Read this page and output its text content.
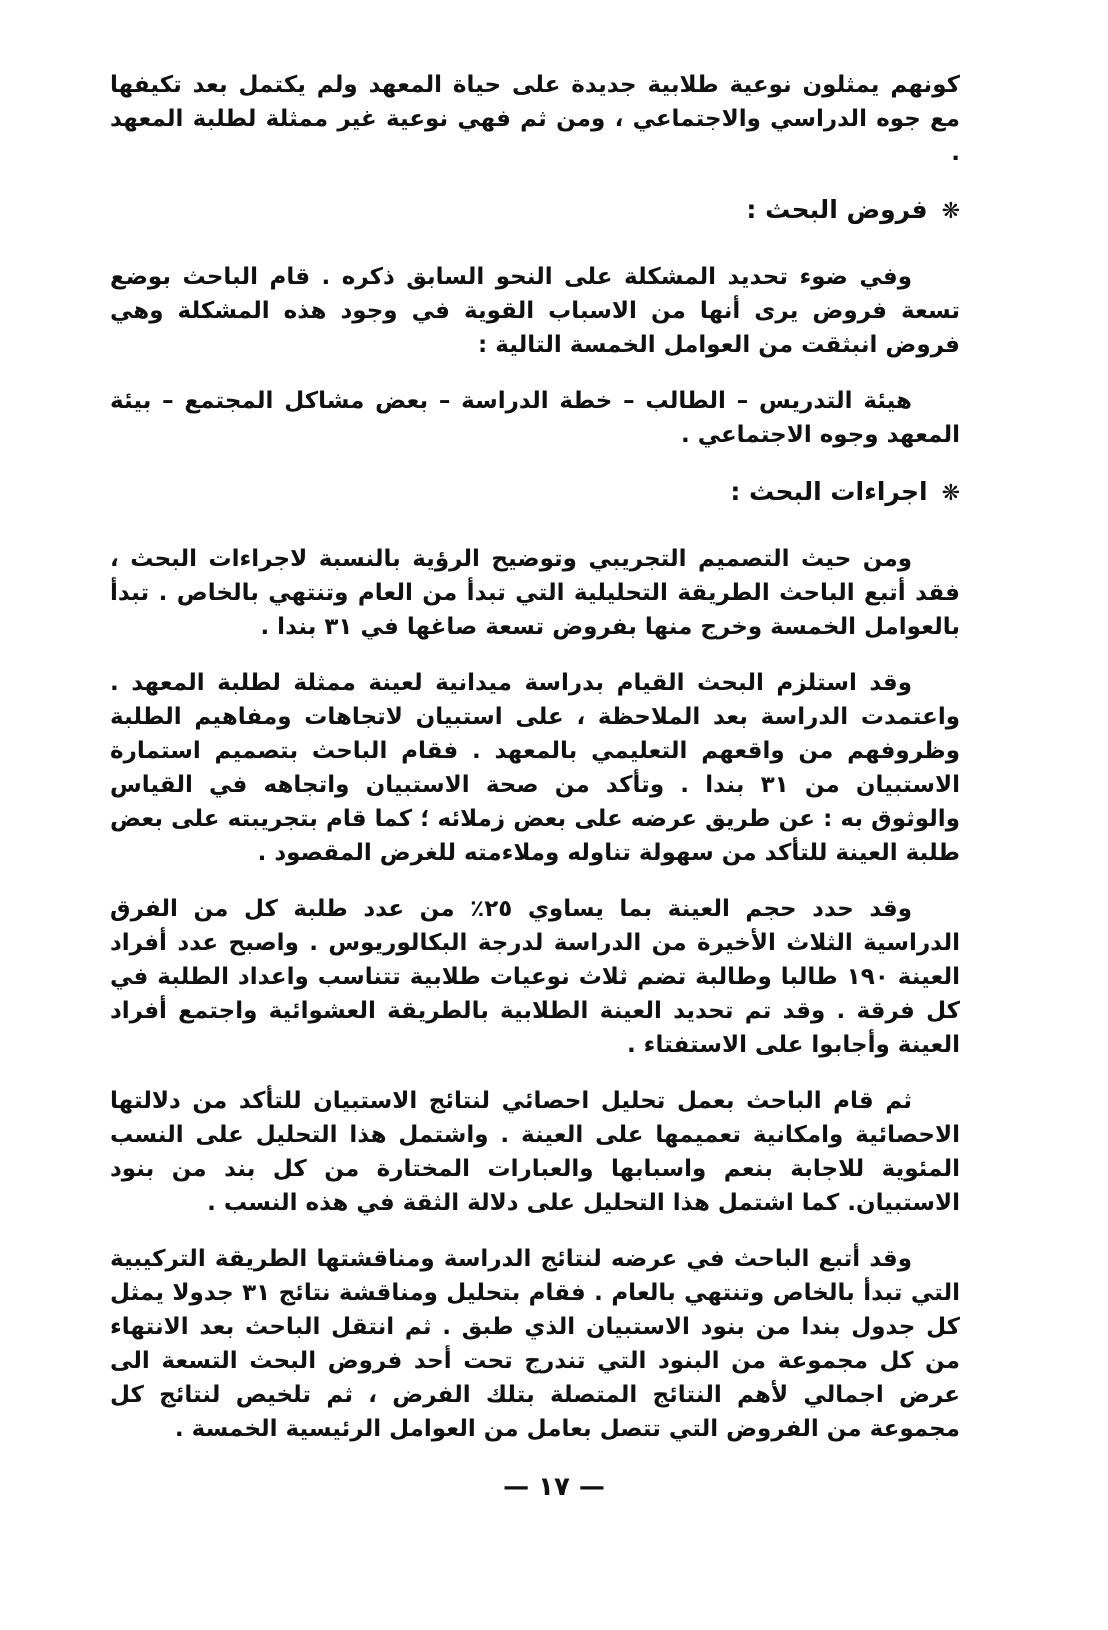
كونهم يمثلون نوعية طلابية جديدة على حياة المعهد ولم يكتمل بعد تكيفها مع جوه الدراسي والاجتماعي ، ومن ثم فهي نوعية غير ممثلة لطلبة المعهد .

❋فروض البحث :

وفي ضوء تحديد المشكلة على النحو السابق ذكره . قام الباحث بوضع تسعة فروض يرى أنها من الاسباب القوية في وجود هذه المشكلة وهي فروض انبثقت من العوامل الخمسة التالية :

هيئة التدريس – الطالب – خطة الدراسة – بعض مشاكل المجتمع – بيئة المعهد وجوه الاجتماعي .

❋اجراءات البحث :

ومن حيث التصميم التجريبي وتوضيح الرؤية بالنسبة لاجراءات البحث ، فقد أتبع الباحث الطريقة التحليلية التي تبدأ من العام وتنتهي بالخاص . تبدأ بالعوامل الخمسة وخرج منها بفروض تسعة صاغها في ٣١ بندا .

وقد استلزم البحث القيام بدراسة ميدانية لعينة ممثلة لطلبة المعهد . واعتمدت الدراسة بعد الملاحظة ، على استبيان لاتجاهات ومفاهيم الطلبة وظروفهم من واقعهم التعليمي بالمعهد . فقام الباحث بتصميم استمارة الاستبيان من ٣١ بندا . وتأكد من صحة الاستبيان واتجاهه في القياس والوثوق به : عن طريق عرضه على بعض زملائه ؛ كما قام بتجريبته على بعض طلبة العينة للتأكد من سهولة تناوله وملاءمته للغرض المقصود .

وقد حدد حجم العينة بما يساوي ٢٥٪ من عدد طلبة كل من الفرق الدراسية الثلاث الأخيرة من الدراسة لدرجة البكالوريوس . واصبح عدد أفراد العينة ١٩٠ طالبا وطالبة تضم ثلاث نوعيات طلابية تتناسب واعداد الطلبة في كل فرقة . وقد تم تحديد العينة الطلابية بالطريقة العشوائية واجتمع أفراد العينة وأجابوا على الاستفتاء .

ثم قام الباحث بعمل تحليل احصائي لنتائج الاستبيان للتأكد من دلالتها الاحصائية وامكانية تعميمها على العينة . واشتمل هذا التحليل على النسب المئوية للاجابة بنعم واسبابها والعبارات المختارة من كل بند من بنود الاستبيان. كما اشتمل هذا التحليل على دلالة الثقة في هذه النسب .

وقد أتبع الباحث في عرضه لنتائج الدراسة ومناقشتها الطريقة التركيبية التي تبدأ بالخاص وتنتهي بالعام . فقام بتحليل ومناقشة نتائج ٣١ جدولا يمثل كل جدول بندا من بنود الاستبيان الذي طبق . ثم انتقل الباحث بعد الانتهاء من كل مجموعة من البنود التي تندرج تحت أحد فروض البحث التسعة الى عرض اجمالي لأهم النتائج المتصلة بتلك الفرض ، ثم تلخيص لنتائج كل مجموعة من الفروض التي تتصل بعامل من العوامل الرئيسية الخمسة .

— ١٧ —
